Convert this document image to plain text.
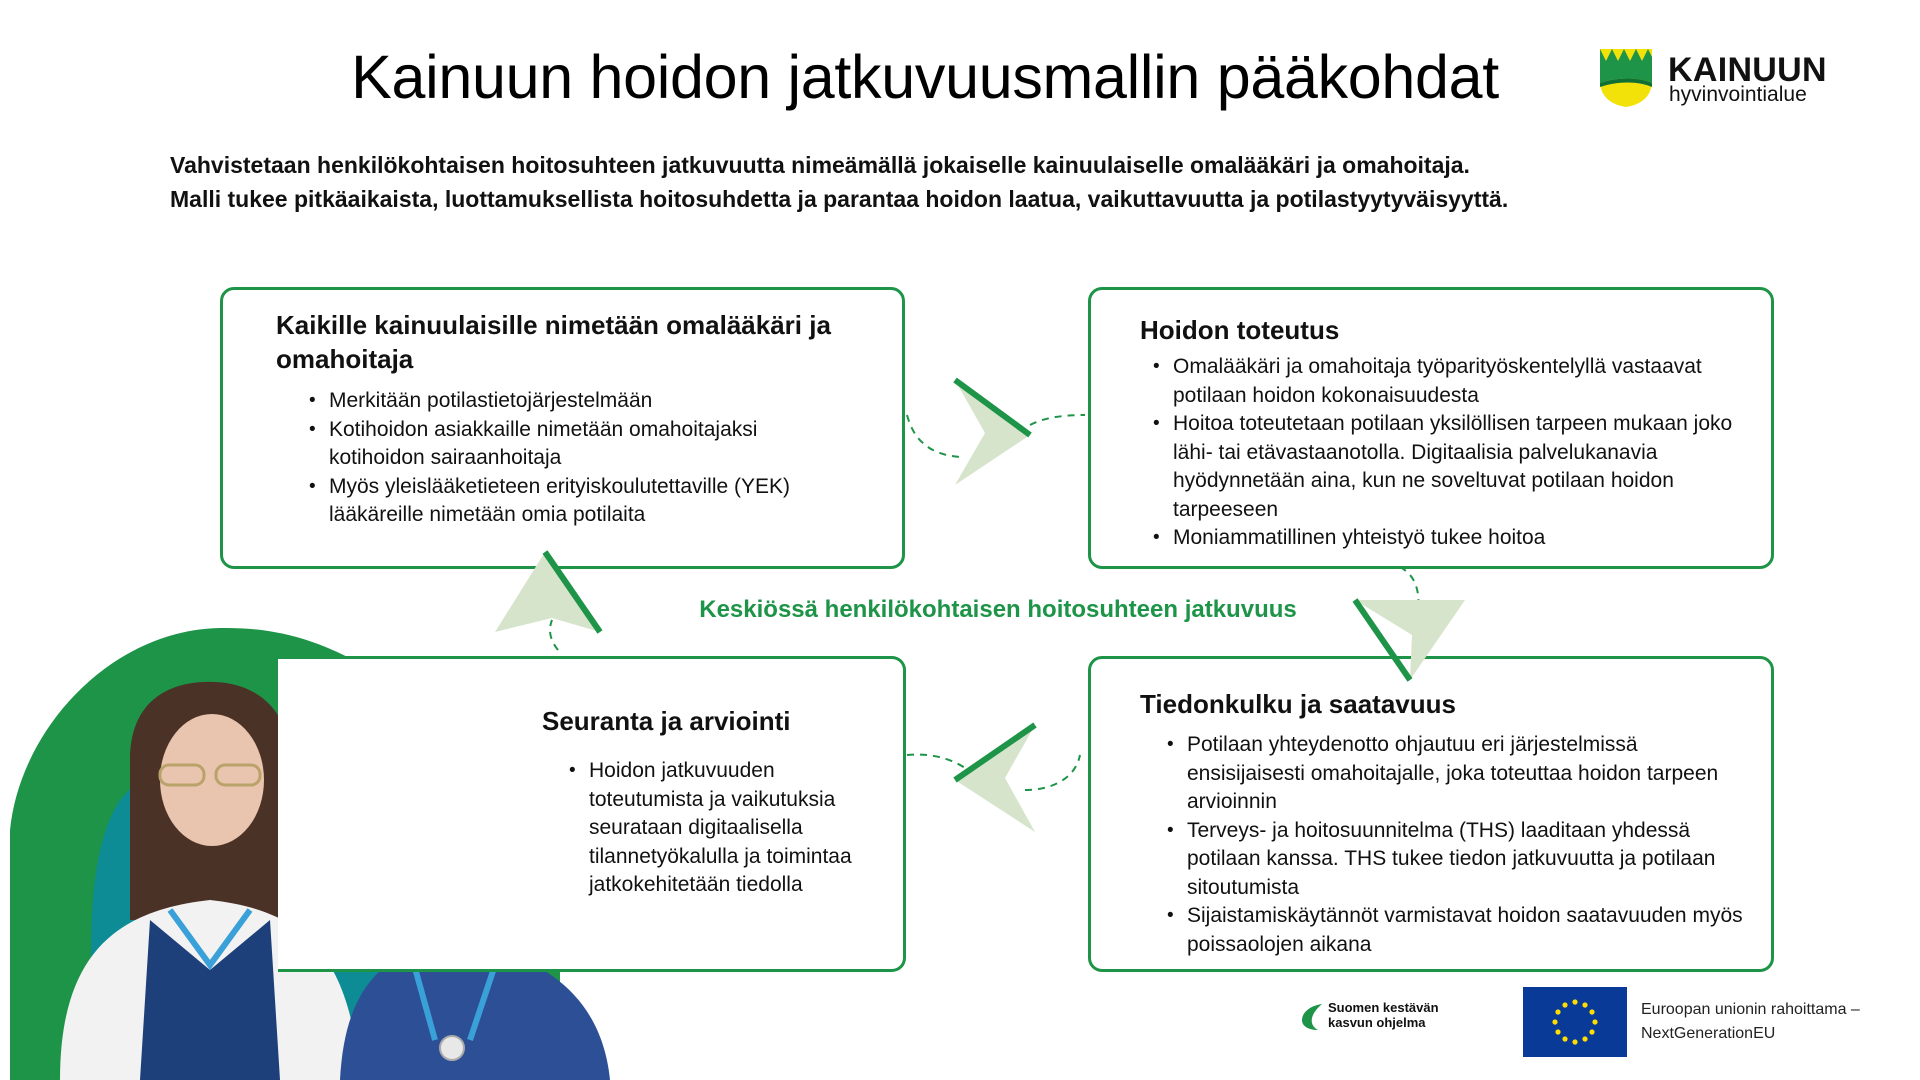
Kainuun hoidon jatkuvuusmallin pääkohdat	KAINUUN
hyvinvointialue
Vahvistetaan henkilökohtaisen hoitosuhteen jatkuvuutta nimeämällä jokaiselle kainuulaiselle omalääkäri ja omahoitaja.
Malli tukee pitkäaikaista, luottamuksellista hoitosuhdetta ja parantaa hoidon laatua, vaikuttavuutta ja potilastyytyväisyyttä.
Kaikille kainuulaisille nimetään omalääkäri ja omahoitaja
• Merkitään potilastietojärjestelmään
• Kotihoidon asiakkaille nimetään omahoitajaksi kotihoidon sairaanhoitaja
• Myös yleislääketieteen erityiskoulutettaville (YEK) lääkäreille nimetään omia potilaita
Hoidon toteutus
• Omalääkäri ja omahoitaja työparityöskentelyllä vastaavat potilaan hoidon kokonaisuudesta
• Hoitoa toteutetaan potilaan yksilöllisen tarpeen mukaan joko lähi- tai etävastaanotolla. Digitaalisia palvelukanavia hyödynnetään aina, kun ne soveltuvat potilaan hoidon tarpeeseen
• Moniammatillinen yhteistyö tukee hoitoa
Seuranta ja arviointi
• Hoidon jatkuvuuden toteutumista ja vaikutuksia seurataan digitaalisella tilannetyökalulla ja toimintaa jatkokehitetään tiedolla
Tiedonkulku ja saatavuus
• Potilaan yhteydenotto ohjautuu eri järjestelmissä ensisijaisesti omahoitajalle, joka toteuttaa hoidon tarpeen arvioinnin
• Terveys- ja hoitosuunnitelma (THS) laaditaan yhdessä potilaan kanssa. THS tukee tiedon jatkuvuutta ja potilaan sitoutumista
• Sijaistamiskäytännöt varmistavat hoidon saatavuuden myös poissaolojen aikana
Keskiössä henkilökohtaisen hoitosuhteen jatkuvuus
Suomen kestävän kasvun ohjelma
Euroopan unionin rahoittama –
NextGenerationEU
